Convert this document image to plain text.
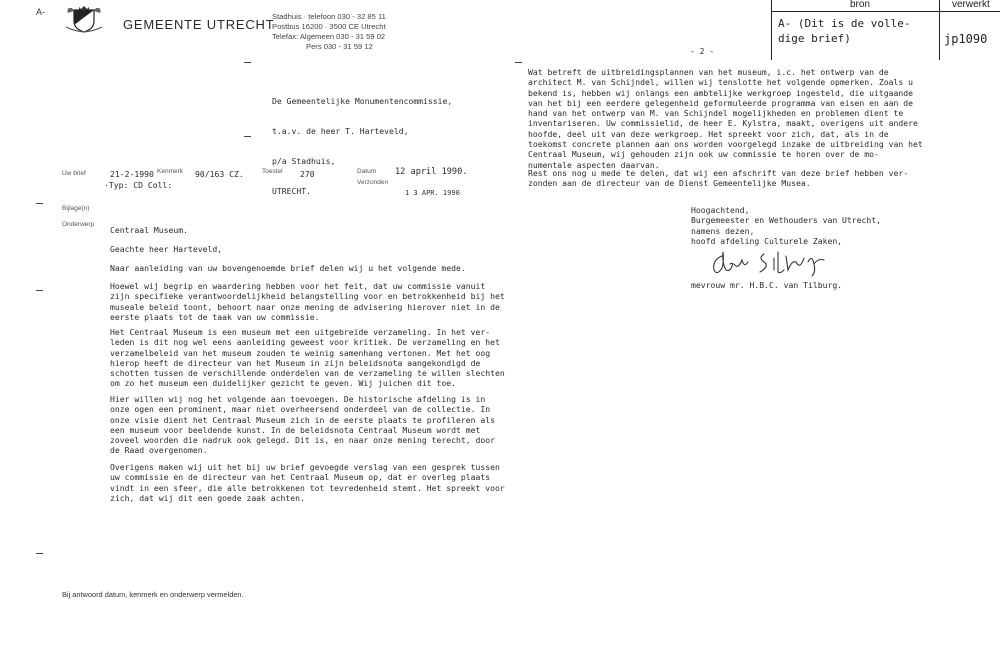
A-
GEMEENTE UTRECHT
Stadhuis · telefoon 030 - 32 85 11
Postbus 16200 · 3500 CE Utrecht
Telefax: Algemeen 030 - 31 59 02
Pers 030 - 31 59 12
bron	verwerkt
A- (Dit is de volle-
dige brief)	jp1090
- 2 -

De Gemeentelijke Monumentencommissie,

t.a.v. de heer T. Harteveld,

p/a Stadhuis,

UTRECHT.

Uw brief	21-2-1990 Kenmerk 90/163 CZ.
·Typ: CD Coll:
Toestel 270	Datum 12 april 1990.
Verzonden
1 3 APR. 1990
Bijlage(n)
Onderwerp
Centraal Museum.
Geachte heer Harteveld,
Naar aanleiding van uw bovengenoemde brief delen wij u het volgende mede.
Hoewel wij begrip en waardering hebben voor het feit, dat uw commissie vanuit
zijn specifieke verantwoordelijkheid belangstelling voor en betrokkenheid bij het
museale beleid toont, behoort naar onze mening de advisering hierover niet in de
eerste plaats tot de taak van uw commissie.
Het Centraal Museum is een museum met een uitgebreide verzameling. In het ver-
leden is dit nog wel eens aanleiding geweest voor kritiek. De verzameling en het
verzamelbeleid van het museum zouden te weinig samenhang vertonen. Met het oog
hierop heeft de directeur van het Museum in zijn beleidsnota aangekondigd de
schotten tussen de verschillende onderdelen van de verzameling te willen slechten
om zo het museum een duidelijker gezicht te geven. Wij juichen dit toe.
Hier willen wij nog het volgende aan toevoegen. De historische afdeling is in
onze ogen een prominent, maar niet overheersend onderdeel van de collectie. In
onze visie dient het Centraal Museum zich in de eerste plaats te profileren als
een museum voor beeldende kunst. In de beleidsnota Centraal Museum wordt met
zoveel woorden die nadruk ook gelegd. Dit is, en naar onze mening terecht, door
de Raad overgenomen.
Overigens maken wij uit het bij uw brief gevoegde verslag van een gesprek tussen
uw commissie en de directeur van het Centraal Museum op, dat er overleg plaats
vindt in een sfeer, die alle betrokkenen tot tevredenheid stemt. Het spreekt voor
zich, dat wij dit een goede zaak achten.
Bij antwoord datum, kenmerk en onderwerp vermelden.
Wat betreft de uitbreidingsplannen van het museum, i.c. het ontwerp van de
architect M. van Schijndel, willen wij tenslotte het volgende opmerken. Zoals u
bekend is, hebben wij onlangs een ambtelijke werkgroep ingesteld, die uitgaande
van het bij een eerdere gelegenheid geformuleerde programma van eisen en aan de
hand van het ontwerp van M. van Schijndel mogelijkheden en problemen dient te
inventariseren. Uw commissielid, de heer E. Kylstra, maakt, overigens uit andere
hoofde, deel uit van deze werkgroep. Het spreekt voor zich, dat, als in de
toekomst concrete plannen aan ons worden voorgelegd inzake de uitbreiding van het
Centraal Museum, wij gehouden zijn ook uw commissie te horen over de mo-
numentale aspecten daarvan.
Rest ons nog u mede te delen, dat wij een afschrift van deze brief hebben ver-
zonden aan de directeur van de Dienst Gemeentelijke Musea.
Hoogachtend,
Burgemeester en Wethouders van Utrecht,
namens dezen,
hoofd afdeling Culturele Zaken,
mevrouw mr. H.B.C. van Tilburg.
